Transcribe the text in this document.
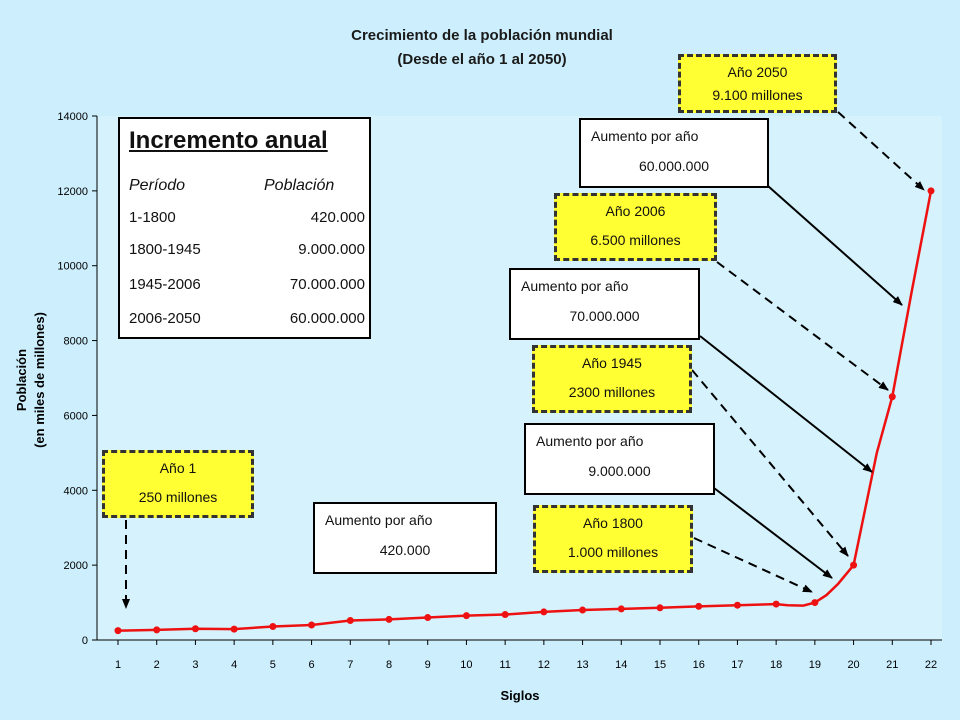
Crecimiento de la población mundial
(Desde el año 1 al 2050)
0
2000
4000
6000
8000
10000
12000
14000
1	2	3	4	5	6	7	8	9	10 11 12 13 14 15 16 17 18 19 20 21 22
Siglos
Población (en miles de millones)
Incremento anual
Período	Población
1-1800	420.000
1800-1945	9.000.000
1945-2006	70.000.000
2006-2050	60.000.000
Año 1
250 millones
Año 1800
1.000 millones
Año 1945
2300 millones
Año 2006
6.500 millones
Año 2050
9.100 millones
Aumento por año
420.000
Aumento por año
9.000.000
Aumento por año
70.000.000
Aumento por año
60.000.000
